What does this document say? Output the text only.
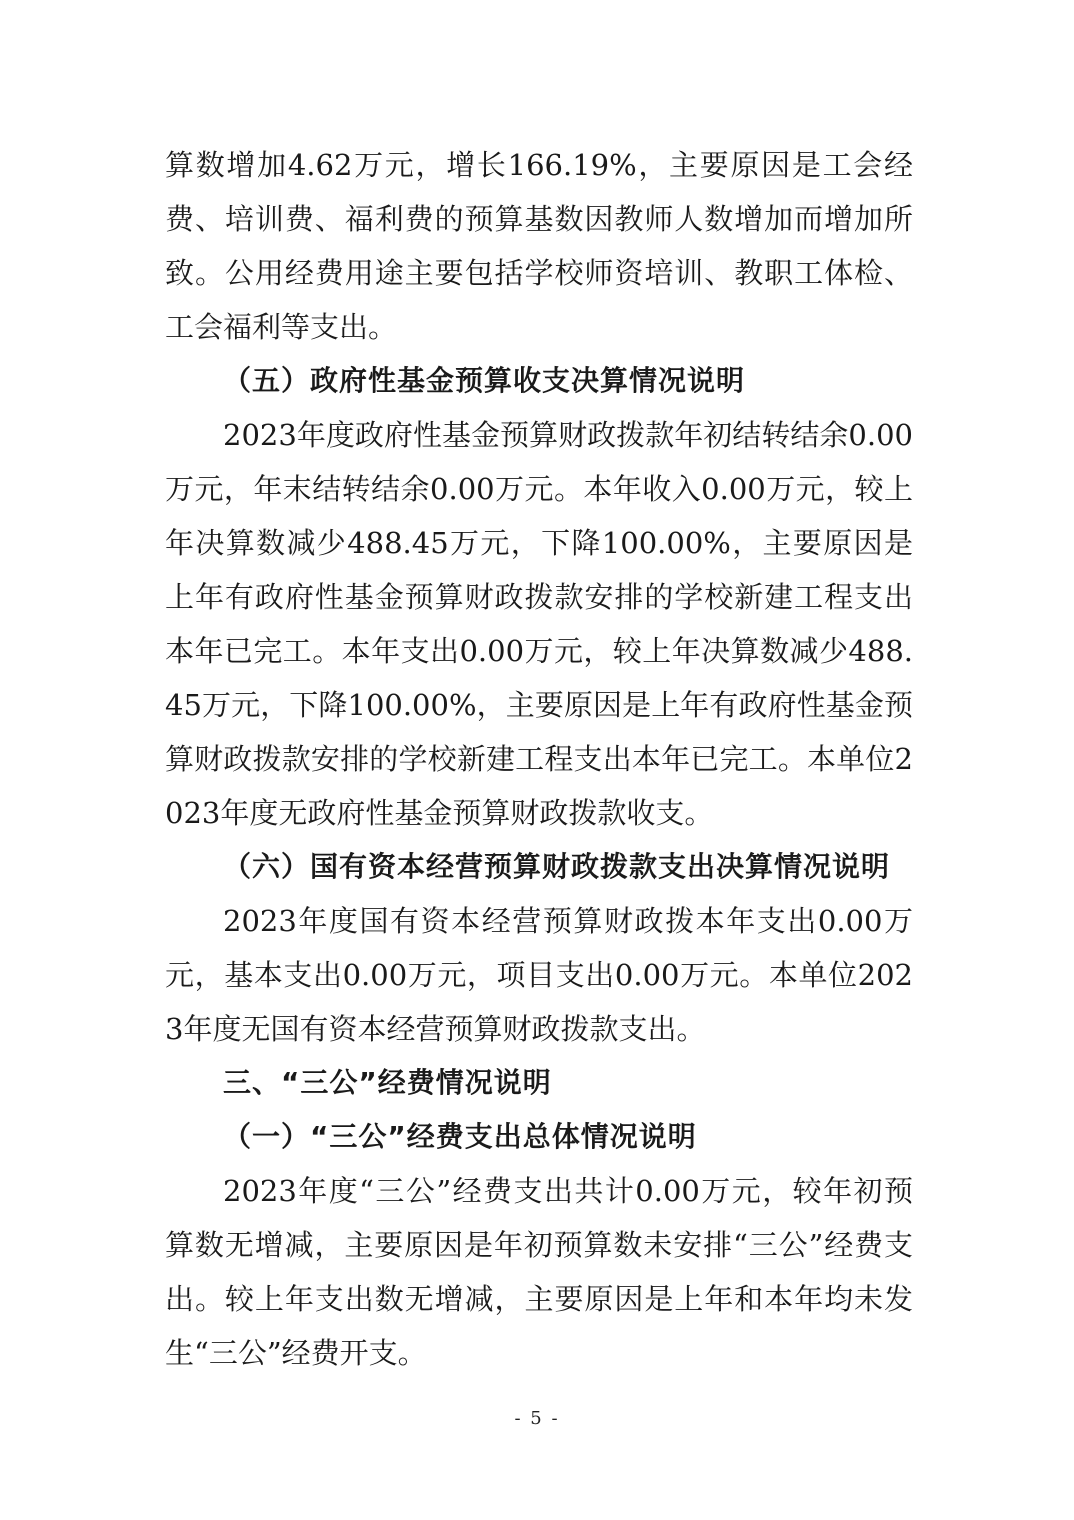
算数增加4.62万元，增长166.19%，主要原因是工会经费、培训费、福利费的预算基数因教师人数增加而增加所致。公用经费用途主要包括学校师资培训、教职工体检、工会福利等支出。

（五）政府性基金预算收支决算情况说明

2023年度政府性基金预算财政拨款年初结转结余0.00万元，年末结转结余0.00万元。本年收入0.00万元，较上年决算数减少488.45万元，下降100.00%，主要原因是上年有政府性基金预算财政拨款安排的学校新建工程支出本年已完工。本年支出0.00万元，较上年决算数减少488.45万元，下降100.00%，主要原因是上年有政府性基金预算财政拨款安排的学校新建工程支出本年已完工。本单位2023年度无政府性基金预算财政拨款收支。

（六）国有资本经营预算财政拨款支出决算情况说明

2023年度国有资本经营预算财政拨本年支出0.00万元，基本支出0.00万元，项目支出0.00万元。本单位2023年度无国有资本经营预算财政拨款支出。

三、“三公”经费情况说明

（一）“三公”经费支出总体情况说明

2023年度“三公”经费支出共计0.00万元，较年初预算数无增减，主要原因是年初预算数未安排“三公”经费支出。较上年支出数无增减，主要原因是上年和本年均未发生“三公”经费开支。

- 5 -
